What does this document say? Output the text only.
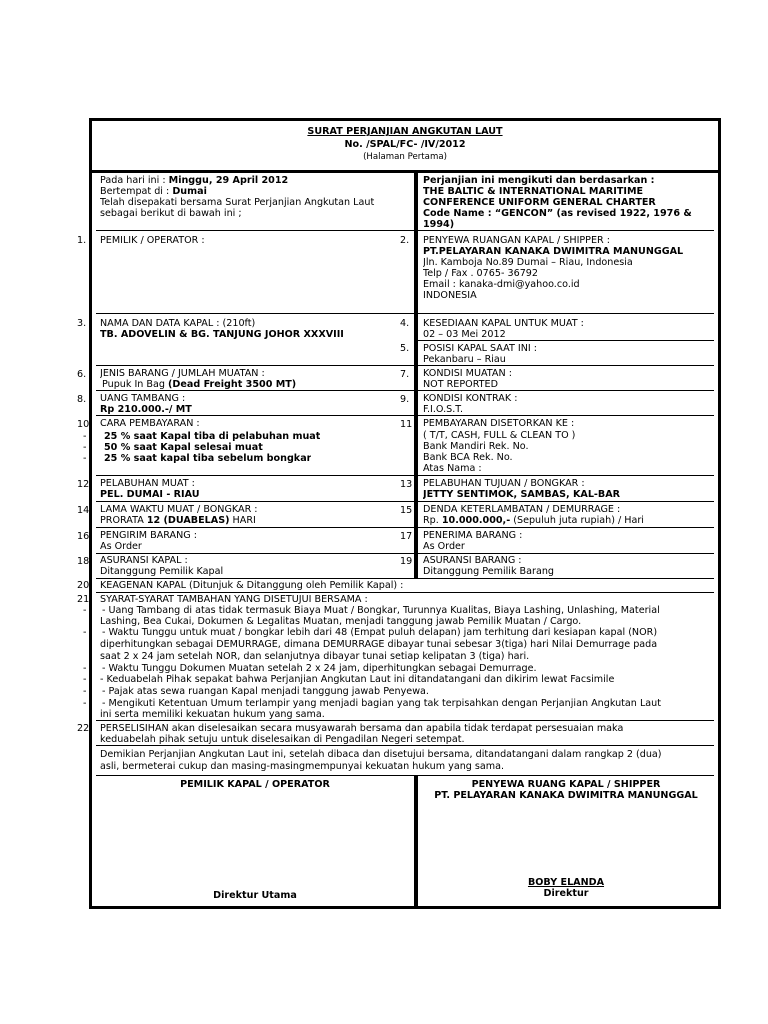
SURAT PERJANJIAN ANGKUTAN LAUT
No. /SPAL/FC- /IV/2012
(Halaman Pertama)
Pada hari ini : Minggu, 29 April 2012
Bertempat di : Dumai
Telah disepakati bersama Surat Perjanjian Angkutan Laut sebagai berikut di bawah ini ;
Perjanjian ini mengikuti dan berdasarkan :
THE BALTIC & INTERNATIONAL MARITIME
CONFERENCE UNIFORM GENERAL CHARTER
Code Name : “GENCON” (as revised 1922, 1976 &
1994)
1.
3.
6.
8.
10
12
14
16
18
20
21
22
2.
4.
5.
7.
9.
11
13
15
17
19
PEMILIK / OPERATOR :	PENYEWA RUANGAN KAPAL / SHIPPER :
PT.PELAYARAN KANAKA DWIMITRA MANUNGGAL
Jln. Kamboja No.89 Dumai – Riau, Indonesia
Telp / Fax . 0765- 36792
Email : kanaka-dmi@yahoo.co.id
INDONESIA
NAMA DAN DATA KAPAL : (210ft)
TB. ADOVELIN & BG. TANJUNG JOHOR XXXVIII
KESEDIAAN KAPAL UNTUK MUAT :
02 – 03 Mei 2012
POSISI KAPAL SAAT INI :
Pekanbaru – Riau
JENIS BARANG / JUMLAH MUATAN :
Pupuk In Bag (Dead Freight 3500 MT)
KONDISI MUATAN :
NOT REPORTED
UANG TAMBANG :
Rp 210.000.-/ MT
KONDISI KONTRAK :
F.I.O.S.T.
CARA PEMBAYARAN :
-
-
-
25 % saat Kapal tiba di pelabuhan muat
50 % saat Kapal selesai muat
25 % saat kapal tiba sebelum bongkar
PEMBAYARAN DISETORKAN KE :
( T/T, CASH, FULL & CLEAN TO )
Bank Mandiri Rek. No.
Bank BCA Rek. No.
Atas Nama :
PELABUHAN MUAT :
PEL. DUMAI - RIAU
PELABUHAN TUJUAN / BONGKAR :
JETTY SENTIMOK, SAMBAS, KAL-BAR
LAMA WAKTU MUAT / BONGKAR :
PRORATA 12 (DUABELAS) HARI
DENDA KETERLAMBATAN / DEMURRAGE :
Rp. 10.000.000,- (Sepuluh juta rupiah) / Hari
PENGIRIM BARANG :
As Order
PENERIMA BARANG :
As Order
ASURANSI KAPAL :
Ditanggung Pemilik Kapal
ASURANSI BARANG :
Ditanggung Pemilik Barang
KEAGENAN KAPAL (Ditunjuk & Ditanggung oleh Pemilik Kapal) :
SYARAT-SYARAT TAMBAHAN YANG DISETUJUI BERSAMA :
-
-
-
-
-
-
- Uang Tambang di atas tidak termasuk Biaya Muat / Bongkar, Turunnya Kualitas, Biaya Lashing, Unlashing, Material
Lashing, Bea Cukai, Dokumen & Legalitas Muatan, menjadi tanggung jawab Pemilik Muatan / Cargo.
- Waktu Tunggu untuk muat / bongkar lebih dari 48 (Empat puluh delapan) jam terhitung dari kesiapan kapal (NOR)
diperhitungkan sebagai DEMURRAGE, dimana DEMURRAGE dibayar tunai sebesar 3(tiga) hari Nilai Demurrage pada
saat 2 x 24 jam setelah NOR, dan selanjutnya dibayar tunai setiap kelipatan 3 (tiga) hari.
- Waktu Tunggu Dokumen Muatan setelah 2 x 24 jam, diperhitungkan sebagai Demurrage.
- Keduabelah Pihak sepakat bahwa Perjanjian Angkutan Laut ini ditandatangani dan dikirim lewat Facsimile
- Pajak atas sewa ruangan Kapal menjadi tanggung jawab Penyewa.
- Mengikuti Ketentuan Umum terlampir yang menjadi bagian yang tak terpisahkan dengan Perjanjian Angkutan Laut
ini serta memiliki kekuatan hukum yang sama.
PERSELISIHAN akan diselesaikan secara musyawarah bersama dan apabila tidak terdapat persesuaian maka
keduabelah pihak setuju untuk diselesaikan di Pengadilan Negeri setempat.
Demikian Perjanjian Angkutan Laut ini, setelah dibaca dan disetujui bersama, ditandatangani dalam rangkap 2 (dua)
asli, bermeterai cukup dan masing-masingmempunyai kekuatan hukum yang sama.
PEMILIK KAPAL / OPERATOR
Direktur Utama
PENYEWA RUANG KAPAL / SHIPPER
PT. PELAYARAN KANAKA DWIMITRA MANUNGGAL
BOBY ELANDA
Direktur
